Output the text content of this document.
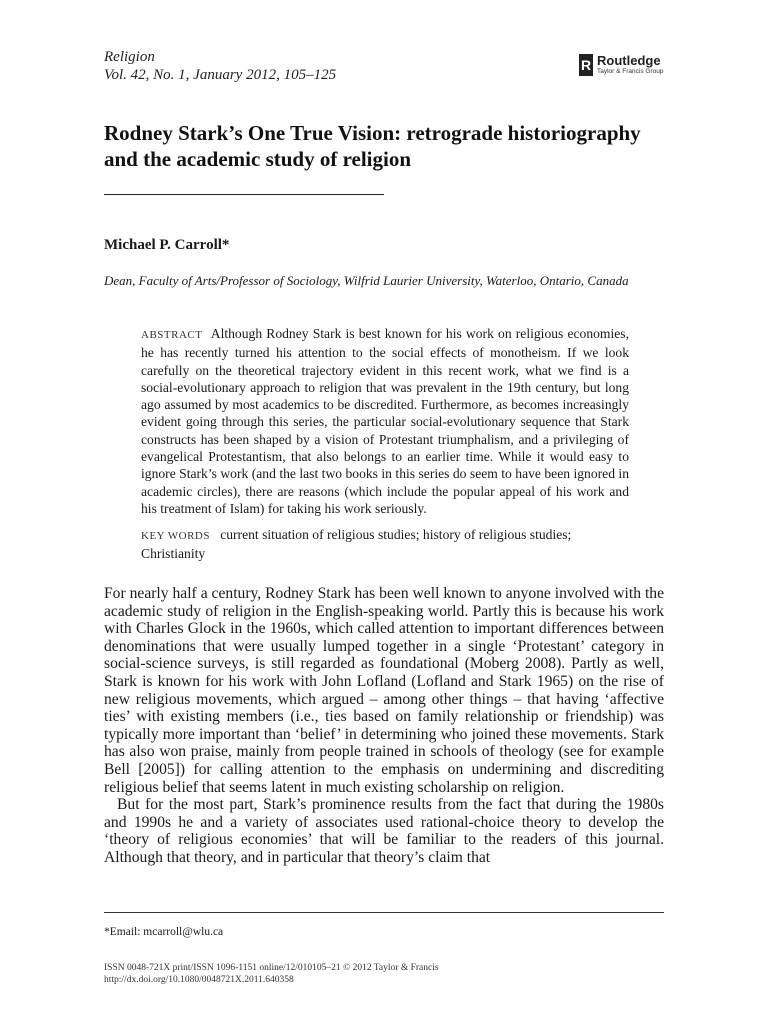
Religion
Vol. 42, No. 1, January 2012, 105–125
R Routledge
Taylor & Francis Group
Rodney Stark’s One True Vision: retrograde historiography and the academic study of religion
Michael P. Carroll*
Dean, Faculty of Arts/Professor of Sociology, Wilfrid Laurier University, Waterloo, Ontario, Canada

ABSTRACT Although Rodney Stark is best known for his work on religious economies, he has recently turned his attention to the social effects of monotheism. If we look carefully on the theoretical trajectory evident in this recent work, what we find is a social-evolutionary approach to religion that was prevalent in the 19th century, but long ago assumed by most academics to be discredited. Furthermore, as becomes increasingly evident going through this series, the particular social-evolutionary sequence that Stark constructs has been shaped by a vision of Protestant triumphalism, and a privileging of evangelical Protestantism, that also belongs to an earlier time. While it would easy to ignore Stark’s work (and the last two books in this series do seem to have been ignored in academic circles), there are reasons (which include the popular appeal of his work and his treatment of Islam) for taking his work seriously.

KEY WORDS current situation of religious studies; history of religious studies; Christianity

For nearly half a century, Rodney Stark has been well known to anyone involved with the academic study of religion in the English-speaking world. Partly this is because his work with Charles Glock in the 1960s, which called attention to important differences between denominations that were usually lumped together in a single ‘Protestant’ category in social-science surveys, is still regarded as foundational (Moberg 2008). Partly as well, Stark is known for his work with John Lofland (Lofland and Stark 1965) on the rise of new religious movements, which argued – among other things – that having ‘affective ties’ with existing members (i.e., ties based on family relationship or friendship) was typically more important than ‘belief’ in determining who joined these movements. Stark has also won praise, mainly from people trained in schools of theology (see for example Bell [2005]) for calling attention to the emphasis on undermining and discrediting religious belief that seems latent in much existing scholarship on religion.

But for the most part, Stark’s prominence results from the fact that during the 1980s and 1990s he and a variety of associates used rational-choice theory to develop the ‘theory of religious economies’ that will be familiar to the readers of this journal. Although that theory, and in particular that theory’s claim that

*Email: mcarroll@wlu.ca
ISSN 0048-721X print/ISSN 1096-1151 online/12/010105–21 © 2012 Taylor & Francis
http://dx.doi.org/10.1080/0048721X.2011.640358
